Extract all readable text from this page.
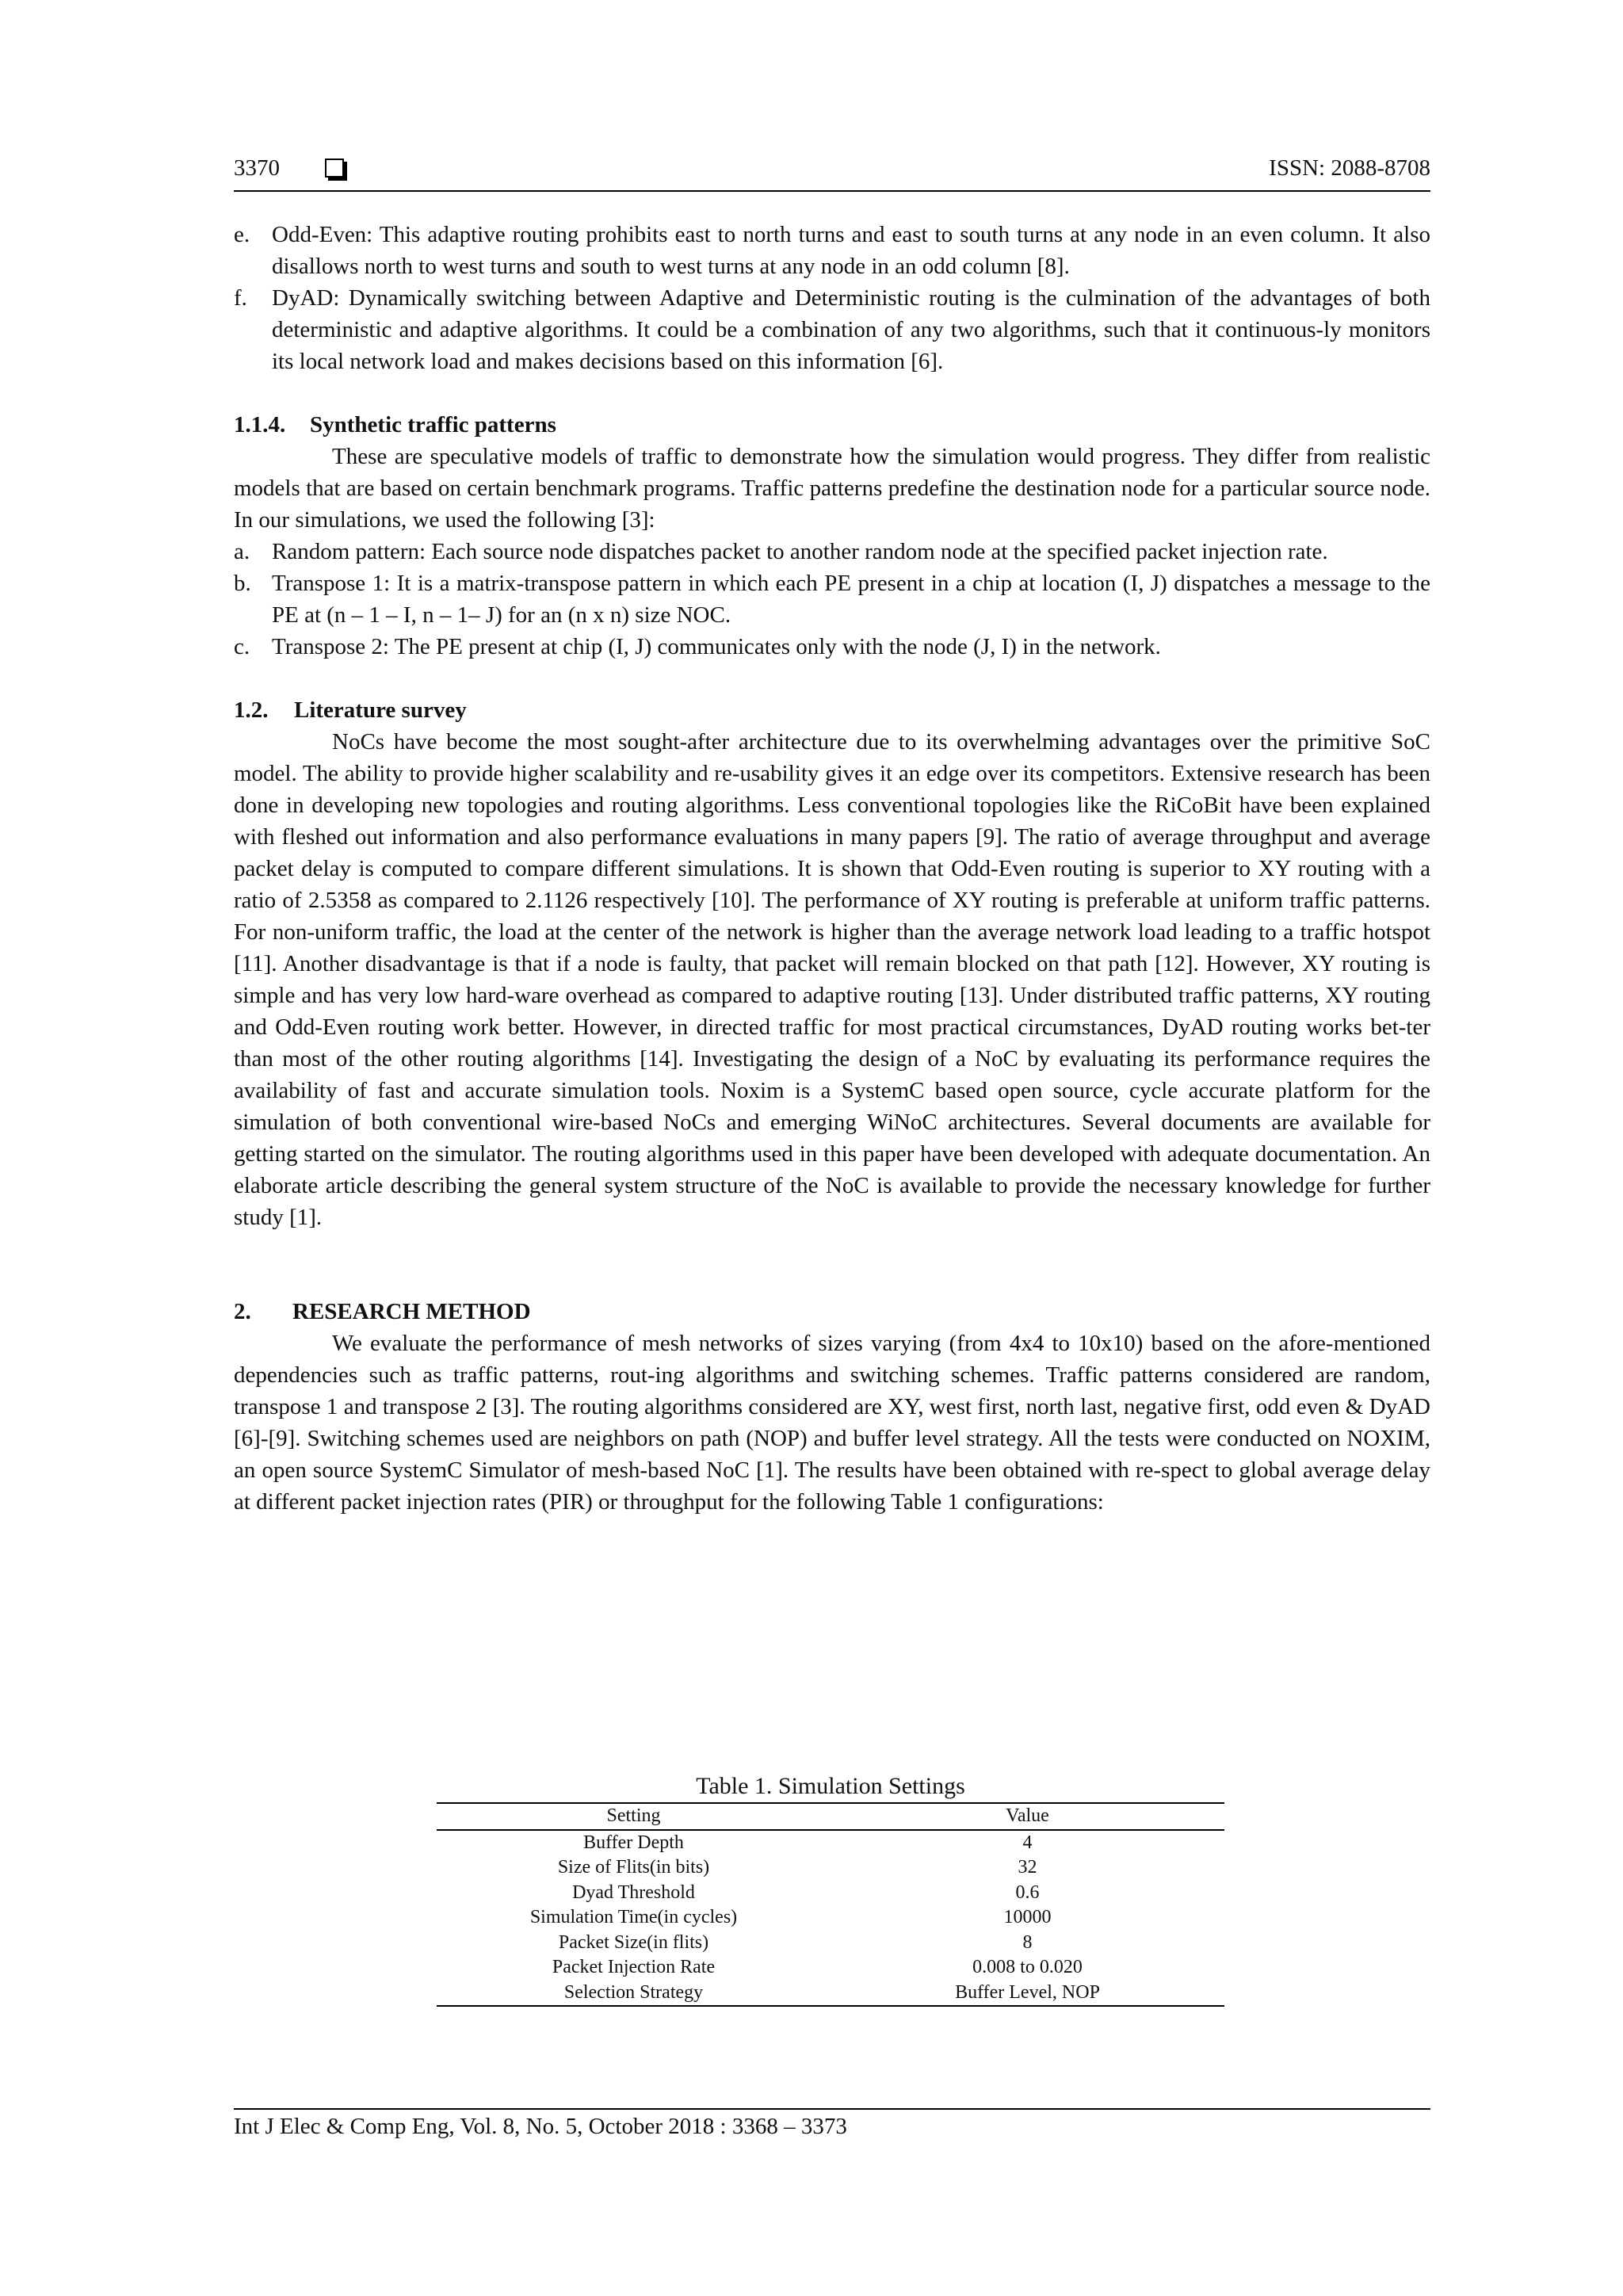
3370	ISSN: 2088-8708
e. Odd-Even: This adaptive routing prohibits east to north turns and east to south turns at any node in an even column. It also disallows north to west turns and south to west turns at any node in an odd column [8].
f. DyAD: Dynamically switching between Adaptive and Deterministic routing is the culmination of the advantages of both deterministic and adaptive algorithms. It could be a combination of any two algorithms, such that it continuous-ly monitors its local network load and makes decisions based on this information [6].
1.1.4. Synthetic traffic patterns

These are speculative models of traffic to demonstrate how the simulation would progress. They differ from realistic models that are based on certain benchmark programs. Traffic patterns predefine the destination node for a particular source node. In our simulations, we used the following [3]:

a. Random pattern: Each source node dispatches packet to another random node at the specified packet injection rate.
b. Transpose 1: It is a matrix-transpose pattern in which each PE present in a chip at location (I, J) dispatches a message to the PE at (n – 1 – I, n – 1– J) for an (n x n) size NOC.
c. Transpose 2: The PE present at chip (I, J) communicates only with the node (J, I) in the network.
1.2. Literature survey

NoCs have become the most sought-after architecture due to its overwhelming advantages over the primitive SoC model. The ability to provide higher scalability and re-usability gives it an edge over its competitors. Extensive research has been done in developing new topologies and routing algorithms. Less conventional topologies like the RiCoBit have been explained with fleshed out information and also performance evaluations in many papers [9]. The ratio of average throughput and average packet delay is computed to compare different simulations. It is shown that Odd-Even routing is superior to XY routing with a ratio of 2.5358 as compared to 2.1126 respectively [10]. The performance of XY routing is preferable at uniform traffic patterns. For non-uniform traffic, the load at the center of the network is higher than the average network load leading to a traffic hotspot [11]. Another disadvantage is that if a node is faulty, that packet will remain blocked on that path [12]. However, XY routing is simple and has very low hard-ware overhead as compared to adaptive routing [13]. Under distributed traffic patterns, XY routing and Odd-Even routing work better. However, in directed traffic for most practical circumstances, DyAD routing works bet-ter than most of the other routing algorithms [14]. Investigating the design of a NoC by evaluating its performance requires the availability of fast and accurate simulation tools. Noxim is a SystemC based open source, cycle accurate platform for the simulation of both conventional wire-based NoCs and emerging WiNoC architectures. Several documents are available for getting started on the simulator. The routing algorithms used in this paper have been developed with adequate documentation. An elaborate article describing the general system structure of the NoC is available to provide the necessary knowledge for further study [1].

2. RESEARCH METHOD

We evaluate the performance of mesh networks of sizes varying (from 4x4 to 10x10) based on the afore-mentioned dependencies such as traffic patterns, rout-ing algorithms and switching schemes. Traffic patterns considered are random, transpose 1 and transpose 2 [3]. The routing algorithms considered are XY, west first, north last, negative first, odd even & DyAD [6]-[9]. Switching schemes used are neighbors on path (NOP) and buffer level strategy. All the tests were conducted on NOXIM, an open source SystemC Simulator of mesh-based NoC [1]. The results have been obtained with re-spect to global average delay at different packet injection rates (PIR) or throughput for the following Table 1 configurations:

Table 1. Simulation Settings
Setting	Value
Buffer Depth	4
Size of Flits(in bits)	32
Dyad Threshold	0.6
Simulation Time(in cycles)	10000
Packet Size(in flits)	8
Packet Injection Rate	0.008 to 0.020
Selection Strategy	Buffer Level, NOP
Int J Elec & Comp Eng, Vol. 8, No. 5, October 2018 : 3368 – 3373
